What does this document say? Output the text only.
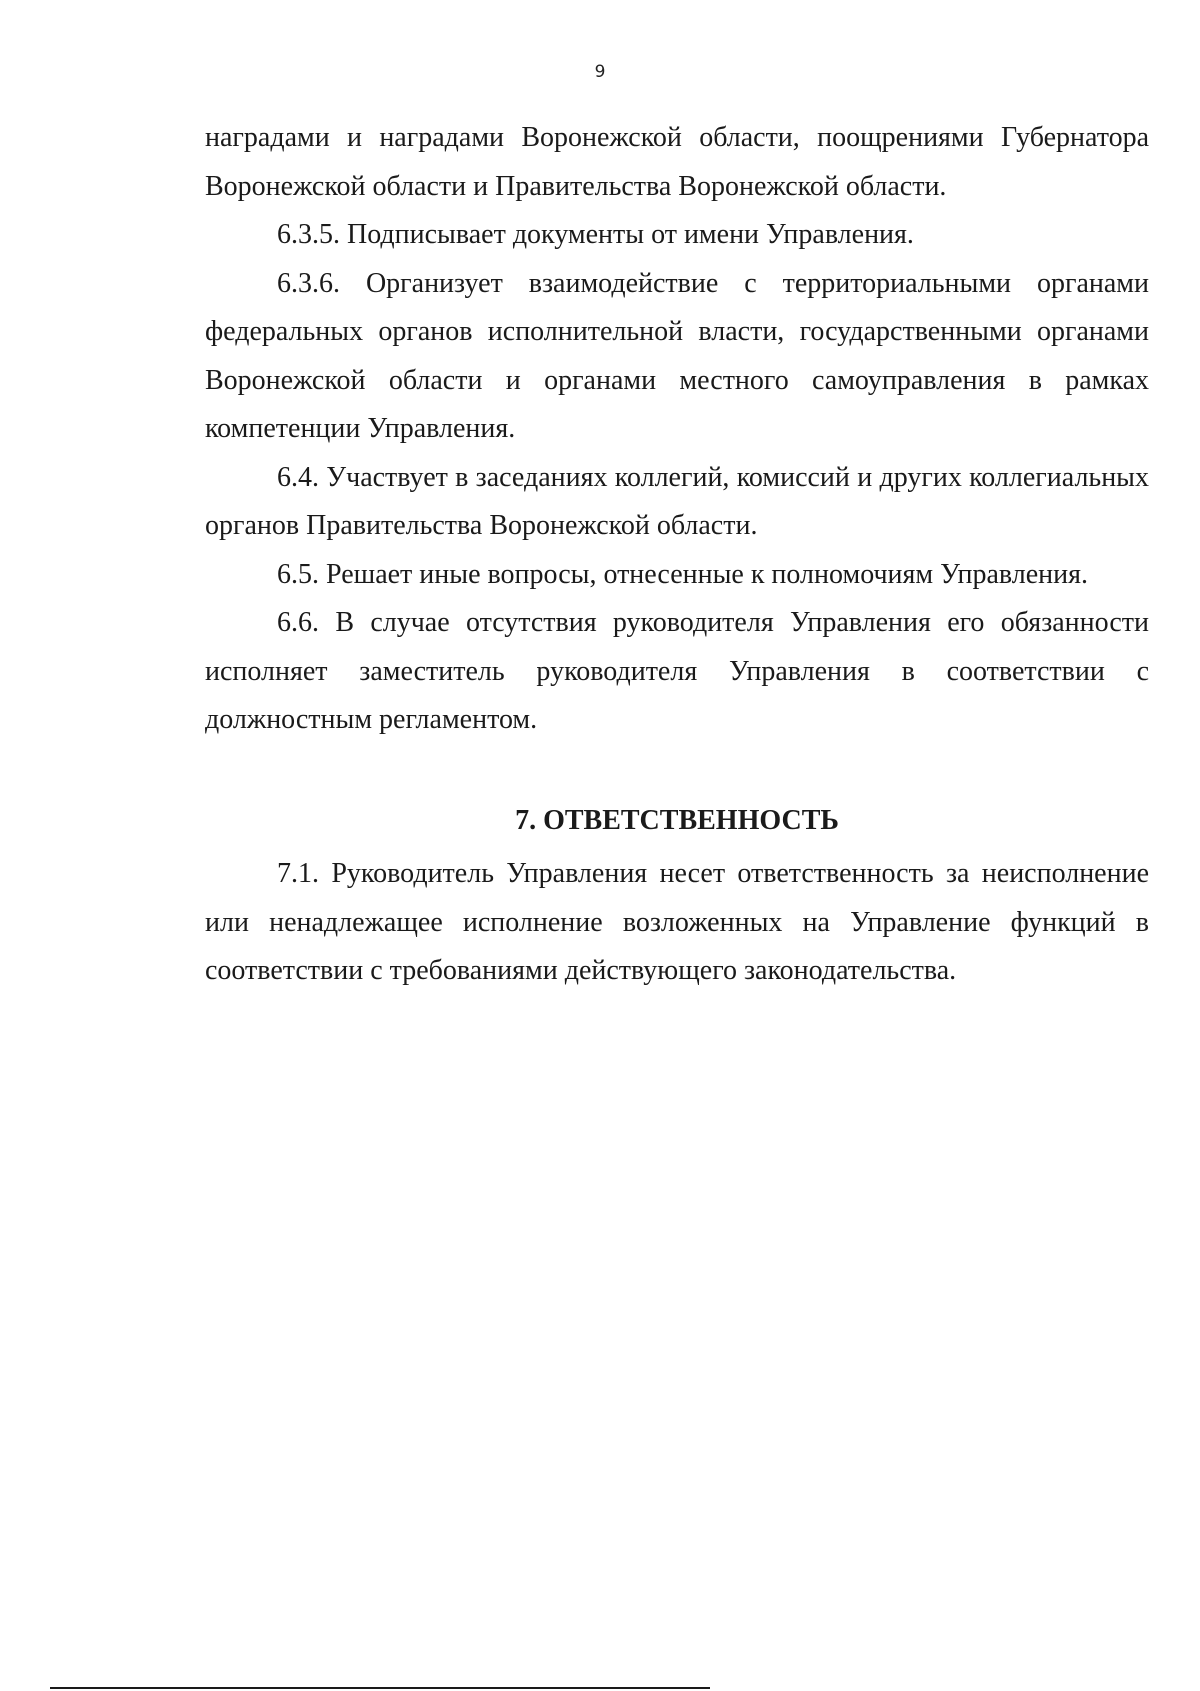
9

наградами и наградами Воронежской области, поощрениями Губернатора Воронежской области и Правительства Воронежской области.

6.3.5. Подписывает документы от имени Управления.

6.3.6. Организует взаимодействие с территориальными органами федеральных органов исполнительной власти, государственными органами Воронежской области и органами местного самоуправления в рамках компетенции Управления.

6.4. Участвует в заседаниях коллегий, комиссий и других коллегиальных органов Правительства Воронежской области.

6.5. Решает иные вопросы, отнесенные к полномочиям Управления.

6.6. В случае отсутствия руководителя Управления его обязанности исполняет заместитель руководителя Управления в соответствии с должностным регламентом.

7. ОТВЕТСТВЕННОСТЬ

7.1. Руководитель Управления несет ответственность за неисполнение или ненадлежащее исполнение возложенных на Управление функций в соответствии с требованиями действующего законодательства.
